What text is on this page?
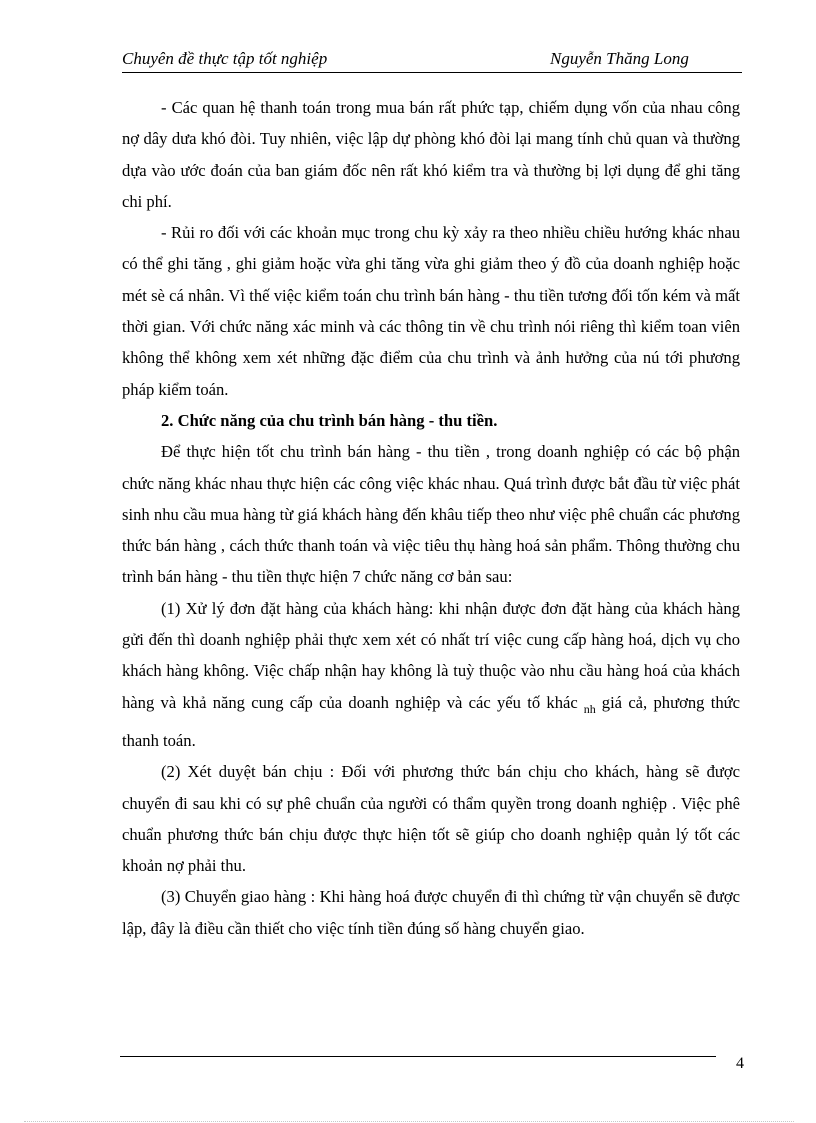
Chuyên đề thực tập tốt nghiệp	Nguyễn Thăng Long

- Các quan hệ thanh toán trong mua bán rất phức tạp, chiếm dụng vốn của nhau công nợ dây dưa khó đòi. Tuy nhiên, việc lập dự phòng khó đòi lại mang tính chủ quan và thường dựa vào ước đoán của ban giám đốc nên rất khó kiểm tra và thường bị lợi dụng để ghi tăng chi phí.

- Rủi ro đối với các khoản mục trong chu kỳ xảy ra theo nhiều chiều hướng khác nhau có thể ghi tăng , ghi giảm hoặc vừa ghi tăng vừa ghi giảm theo ý đồ của doanh nghiệp hoặc mét sè cá nhân. Vì thế việc kiểm toán chu trình bán hàng - thu tiền tương đối tốn kém và mất thời gian. Với chức năng xác minh và các thông tin về chu trình nói riêng thì kiểm toan viên không thể không xem xét những đặc điểm của chu trình và ảnh hưởng của nú tới phương pháp kiểm toán.

2. Chức năng của chu trình bán hàng - thu tiền.

Để thực hiện tốt chu trình bán hàng - thu tiền , trong doanh nghiệp có các bộ phận chức năng khác nhau thực hiện các công việc khác nhau. Quá trình được bắt đầu từ việc phát sinh nhu cầu mua hàng từ giá khách hàng đến khâu tiếp theo như việc phê chuẩn các phương thức bán hàng , cách thức thanh toán và việc tiêu thụ hàng hoá sản phẩm. Thông thường chu trình bán hàng - thu tiền thực hiện 7 chức năng cơ bản sau:

(1) Xử lý đơn đặt hàng của khách hàng: khi nhận được đơn đặt hàng của khách hàng gửi đến thì doanh nghiệp phải thực xem xét có nhất trí việc cung cấp hàng hoá, dịch vụ cho khách hàng không. Việc chấp nhận hay không là tuỳ thuộc vào nhu cầu hàng hoá của khách hàng và khả năng cung cấp của doanh nghiệp và các yếu tố khác $_{nh}$ giá cả, phương thức thanh toán.

(2) Xét duyệt bán chịu : Đối với phương thức bán chịu cho khách, hàng sẽ được chuyển đi sau khi có sự phê chuẩn của người có thẩm quyền trong doanh nghiệp . Việc phê chuẩn phương thức bán chịu được thực hiện tốt sẽ giúp cho doanh nghiệp quản lý tốt các khoản nợ phải thu.

(3) Chuyển giao hàng : Khi hàng hoá được chuyển đi thì chứng từ vận chuyển sẽ được lập, đây là điều cần thiết cho việc tính tiền đúng số hàng chuyển giao.

4
